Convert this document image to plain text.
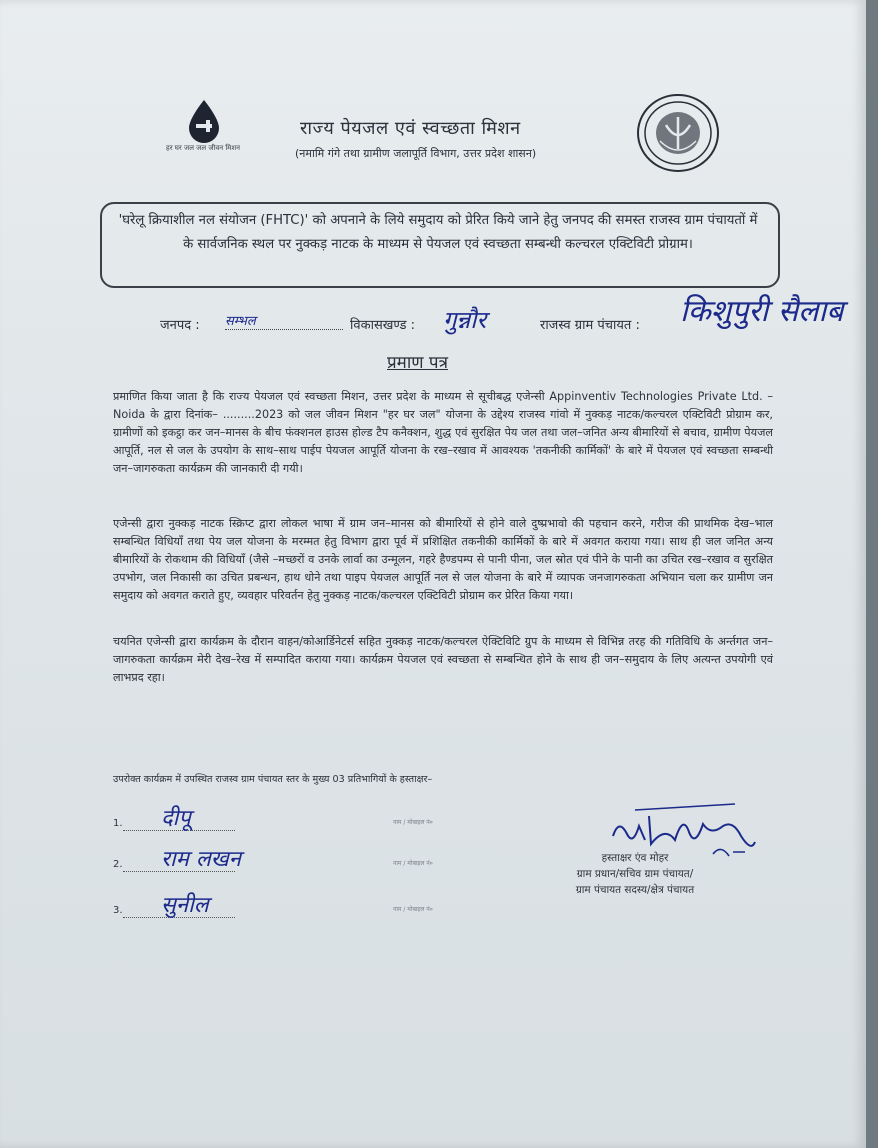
हर घर जल जल जीवन मिशन
राज्य पेयजल एवं स्वच्छता मिशन
(नमामि गंगे तथा ग्रामीण जलापूर्ति विभाग, उत्तर प्रदेश शासन)
'घरेलू क्रियाशील नल संयोजन (FHTC)' को अपनाने के लिये समुदाय को प्रेरित किये जाने हेतु जनपद की समस्त राजस्व ग्राम पंचायतों में के सार्वजनिक स्थल पर नुक्कड़ नाटक के माध्यम से पेयजल एवं स्वच्छता सम्बन्धी कल्चरल एक्टिविटी प्रोग्राम।
जनपद : सम्भल	विकासखण्ड : गुन्नौर	राजस्व ग्राम पंचायत : किशुपुरी सैलाब
प्रमाण पत्र
प्रमाणित किया जाता है कि राज्य पेयजल एवं स्वच्छता मिशन, उत्तर प्रदेश के माध्यम से सूचीबद्ध एजेन्सी Appinventiv Technologies Private Ltd. – Noida के द्वारा दिनांक– .........2023 को जल जीवन मिशन "हर घर जल" योजना के उद्देश्य राजस्व गांवो में नुक्कड़ नाटक/कल्चरल एक्टिविटी प्रोग्राम कर, ग्रामीणों को इकट्ठा कर जन–मानस के बीच फंक्शनल हाउस होल्ड टैप कनैक्शन, शुद्ध एवं सुरक्षित पेय जल तथा जल–जनित अन्य बीमारियों से बचाव, ग्रामीण पेयजल आपूर्ति, नल से जल के उपयोग के साथ–साथ पाईप पेयजल आपूर्ति योजना के रख–रखाव में आवश्यक 'तकनीकी कार्मिकों' के बारे में पेयजल एवं स्वच्छता सम्बन्धी जन–जागरुकता कार्यक्रम की जानकारी दी गयी।
एजेन्सी द्वारा नुक्कड़ नाटक स्क्रिप्ट द्वारा लोकल भाषा में ग्राम जन–मानस को बीमारियों से होने वाले दुष्प्रभावो की पहचान करने, गरीज की प्राथमिक देख–भाल सम्बन्धित विधियाँ तथा पेय जल योजना के मरम्मत हेतु विभाग द्वारा पूर्व में प्रशिक्षित तकनीकी कार्मिकों के बारे में अवगत कराया गया। साथ ही जल जनित अन्य बीमारियों के रोकथाम की विधियाँ (जैसे –मच्छरों व उनके लार्वा का उन्मूलन, गहरे हैण्डपम्प से पानी पीना, जल स्रोत एवं पीने के पानी का उचित रख–रखाव व सुरक्षित उपभोग, जल निकासी का उचित प्रबन्धन, हाथ धोने तथा पाइप पेयजल आपूर्ति नल से जल योजना के बारे में व्यापक जनजागरुकता अभियान चला कर ग्रामीण जन समुदाय को अवगत कराते हुए, व्यवहार परिवर्तन हेतु नुक्कड़ नाटक/कल्चरल एक्टिविटी प्रोग्राम कर प्रेरित किया गया।
चयनित एजेन्सी द्वारा कार्यक्रम के दौरान वाहन/कोआर्डिनेटर्स सहित नुक्कड़ नाटक/कल्चरल ऐक्टिविटि ग्रुप के माध्यम से विभिन्न तरह की गतिविधि के अर्न्तगत जन–जागरुकता कार्यक्रम मेरी देख–रेख में सम्पादित कराया गया। कार्यक्रम पेयजल एवं स्वच्छता से सम्बन्धित होने के साथ ही जन–समुदाय के लिए अत्यन्त उपयोगी एवं लाभप्रद रहा।
उपरोक्त कार्यक्रम में उपस्थित राजस्व ग्राम पंचायत स्तर के मुख्य 03 प्रतिभागियों के हस्ताक्षर–
1. दीपू	नाम / मोबाइल नं०
2. राम लखन	नाम / मोबाइल नं०
3. सुनील	नाम / मोबाइल नं०
हस्ताक्षर एंव मोहर
ग्राम प्रधान/सचिव ग्राम पंचायत/
ग्राम पंचायत सदस्य/क्षेत्र पंचायत
